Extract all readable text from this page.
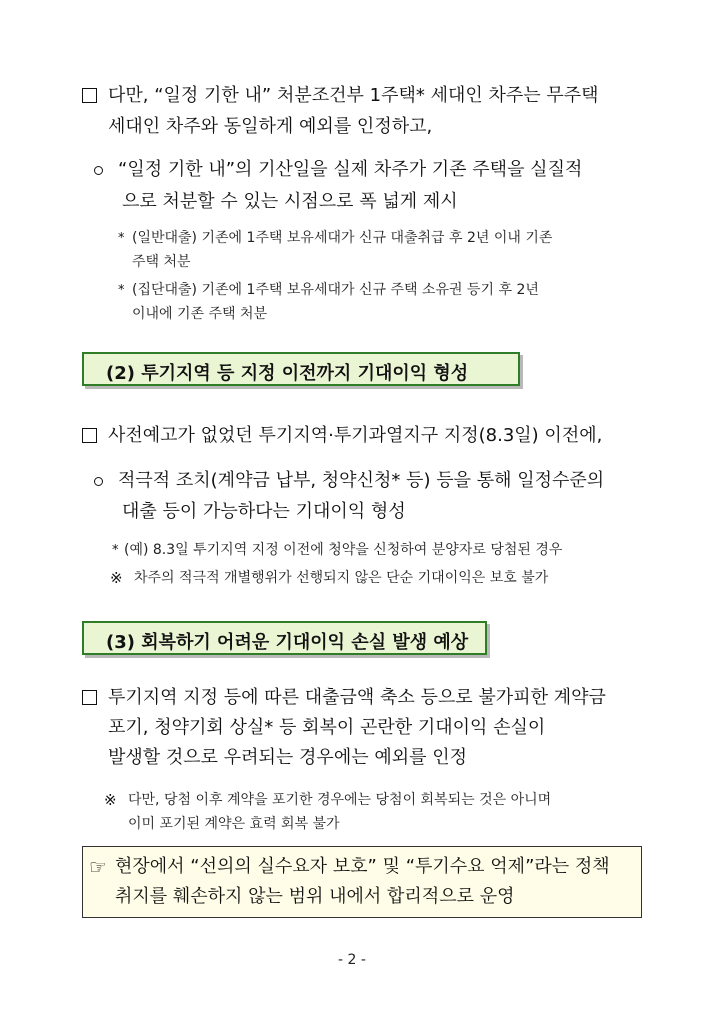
다만, “일정 기한 내” 처분조건부 1주택* 세대인 차주는 무주택
세대인 차주와 동일하게 예외를 인정하고,
“일정 기한 내”의 기산일을 실제 차주가 기존 주택을 실질적
으로 처분할 수 있는 시점으로 폭 넓게 제시
* (일반대출) 기존에 1주택 보유세대가 신규 대출취급 후 2년 이내 기존
주택 처분
* (집단대출) 기존에 1주택 보유세대가 신규 주택 소유권 등기 후 2년
이내에 기존 주택 처분
(2) 투기지역 등 지정 이전까지 기대이익 형성
사전예고가 없었던 투기지역·투기과열지구 지정(8.3일) 이전에,
적극적 조치(계약금 납부, 청약신청* 등) 등을 통해 일정수준의
대출 등이 가능하다는 기대이익 형성
* (예) 8.3일 투기지역 지정 이전에 청약을 신청하여 분양자로 당첨된 경우
※ 차주의 적극적 개별행위가 선행되지 않은 단순 기대이익은 보호 불가
(3) 회복하기 어려운 기대이익 손실 발생 예상
투기지역 지정 등에 따른 대출금액 축소 등으로 불가피한 계약금
포기, 청약기회 상실* 등 회복이 곤란한 기대이익 손실이
발생할 것으로 우려되는 경우에는 예외를 인정
※ 다만, 당첨 이후 계약을 포기한 경우에는 당첨이 회복되는 것은 아니며
이미 포기된 계약은 효력 회복 불가
☞ 현장에서 “선의의 실수요자 보호” 및 “투기수요 억제”라는 정책
취지를 훼손하지 않는 범위 내에서 합리적으로 운영
- 2 -
